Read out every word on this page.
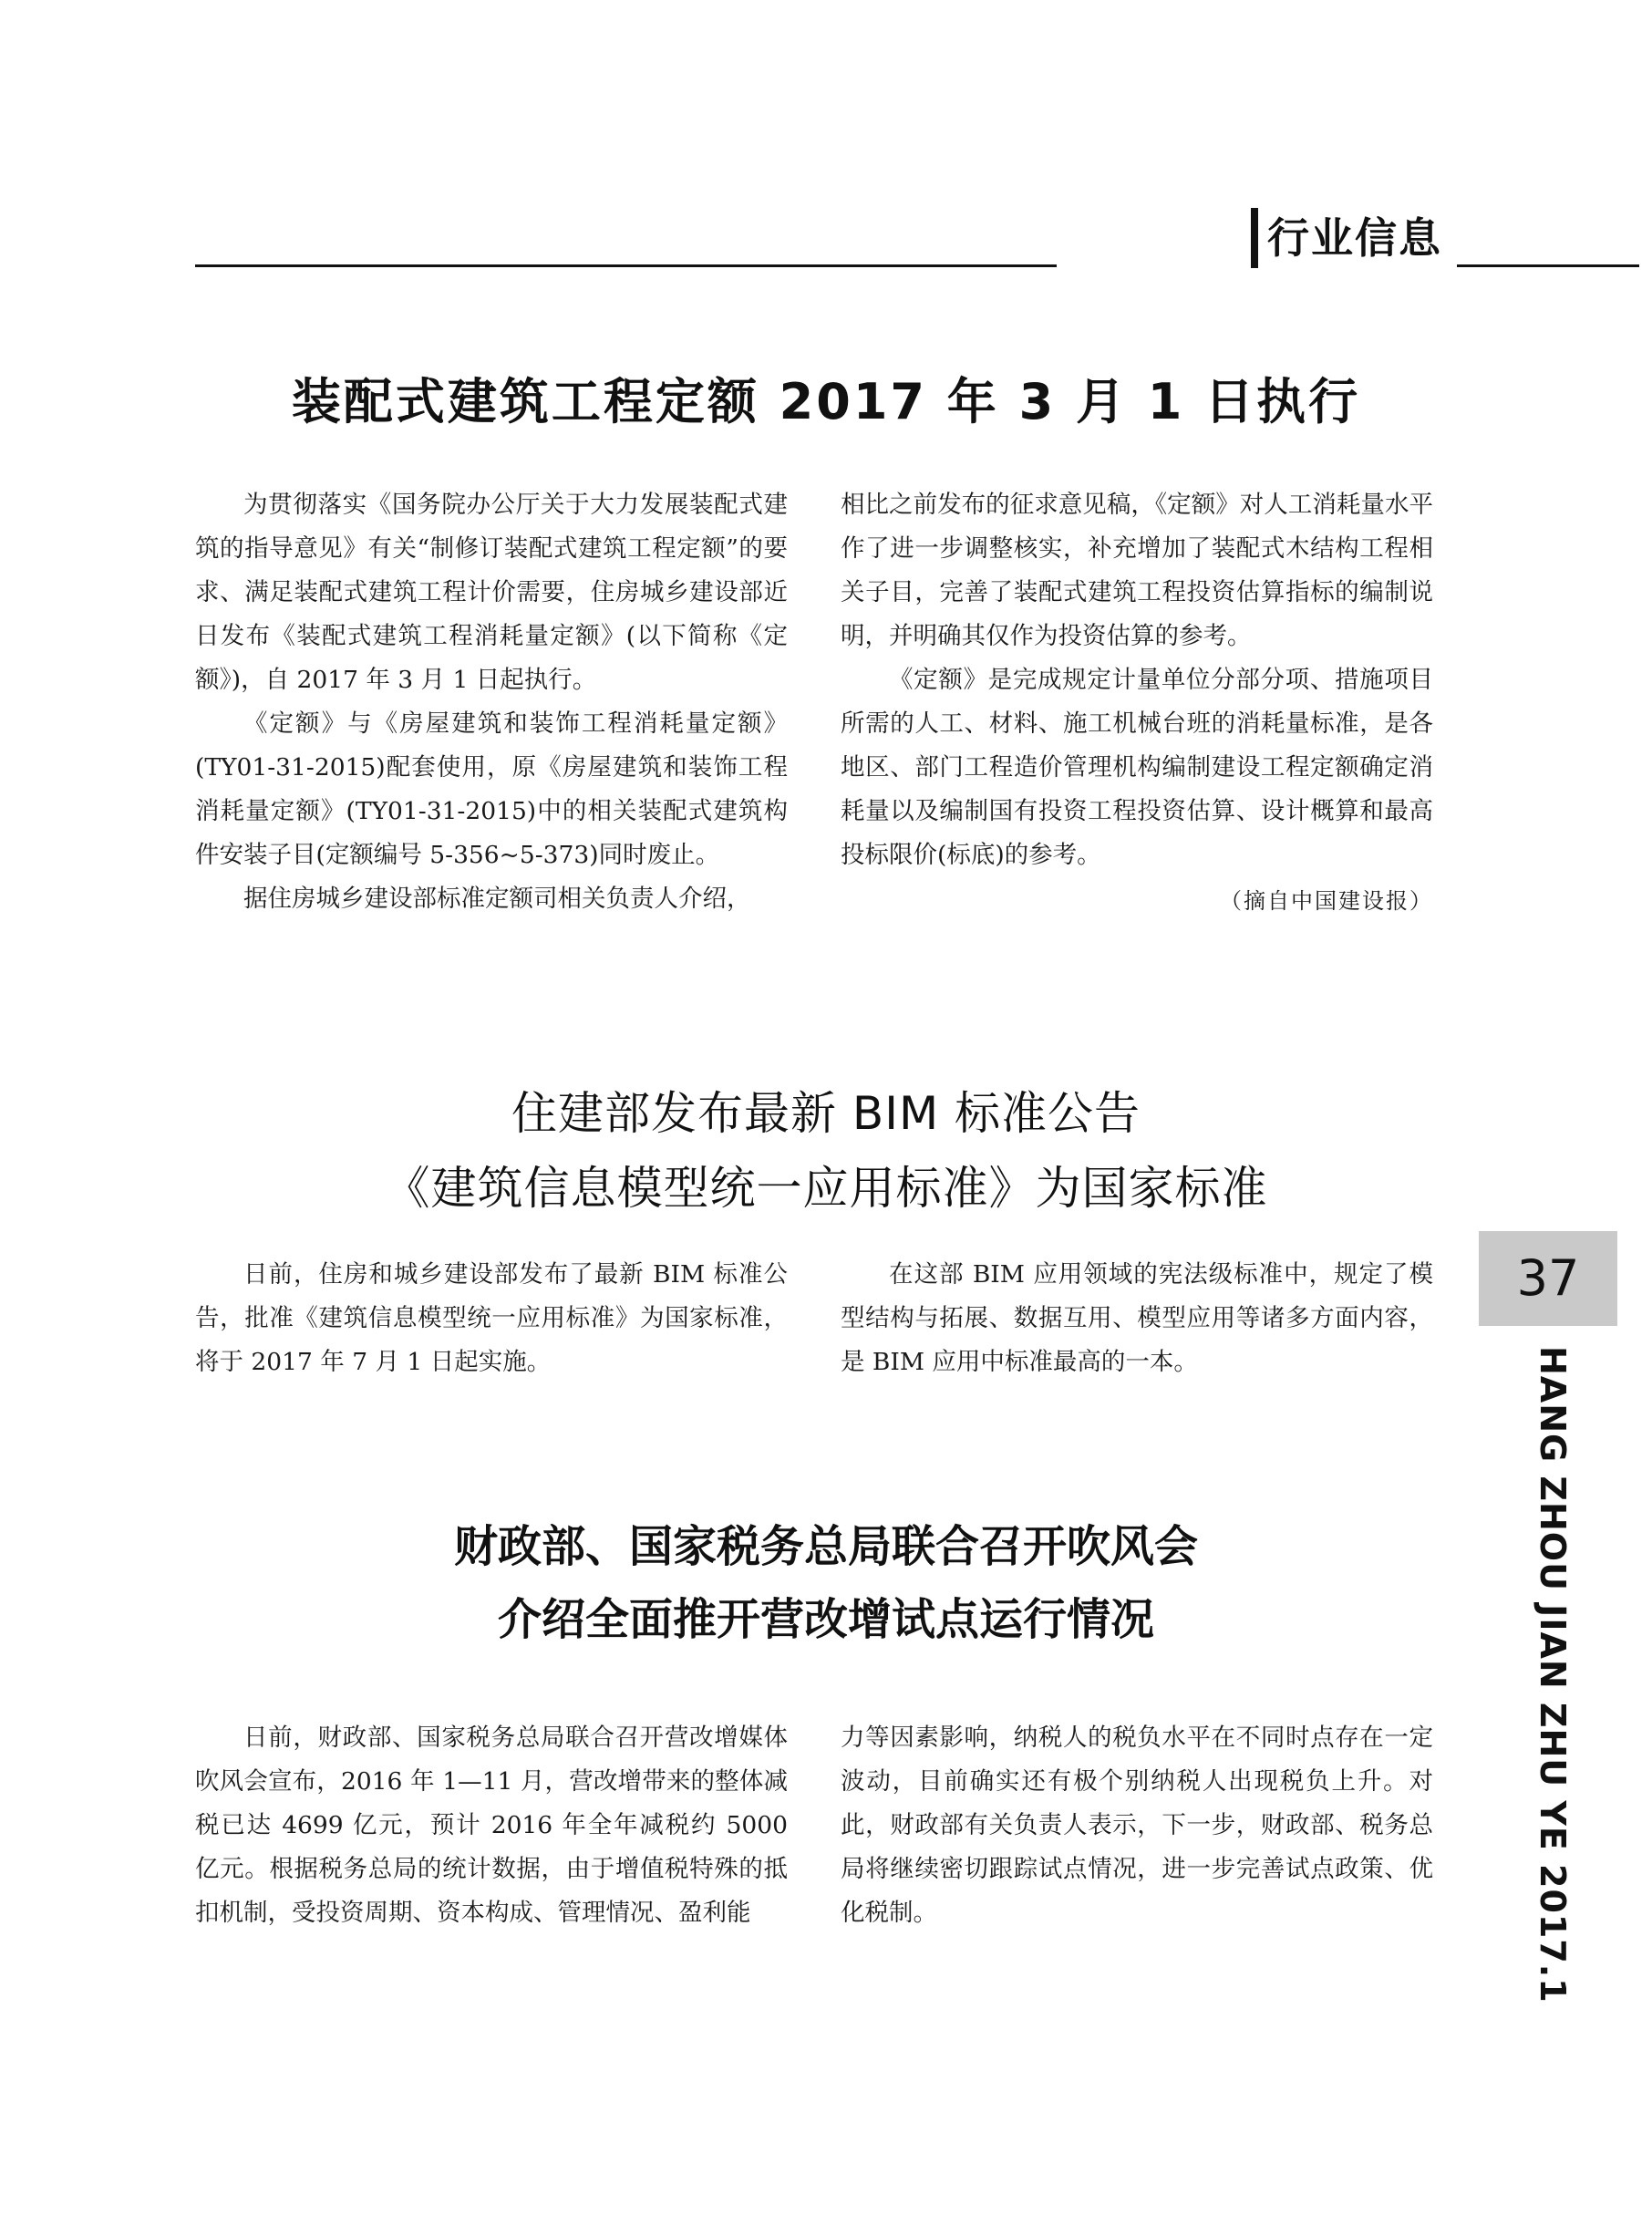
行业信息
装配式建筑工程定额 2017 年 3 月 1 日执行

为贯彻落实《国务院办公厅关于大力发展装配式建筑的指导意见》有关“制修订装配式建筑工程定额”的要求、满足装配式建筑工程计价需要，住房城乡建设部近日发布《装配式建筑工程消耗量定额》(以下简称《定额》)，自 2017 年 3 月 1 日起执行。

《定额》与《房屋建筑和装饰工程消耗量定额》(TY01-31-2015)配套使用，原《房屋建筑和装饰工程消耗量定额》(TY01-31-2015)中的相关装配式建筑构件安装子目(定额编号 5-356~5-373)同时废止。

据住房城乡建设部标准定额司相关负责人介绍，

相比之前发布的征求意见稿，《定额》对人工消耗量水平作了进一步调整核实，补充增加了装配式木结构工程相关子目，完善了装配式建筑工程投资估算指标的编制说明，并明确其仅作为投资估算的参考。

《定额》是完成规定计量单位分部分项、措施项目所需的人工、材料、施工机械台班的消耗量标准，是各地区、部门工程造价管理机构编制建设工程定额确定消耗量以及编制国有投资工程投资估算、设计概算和最高投标限价(标底)的参考。

（摘自中国建设报）

住建部发布最新 BIM 标准公告
《建筑信息模型统一应用标准》为国家标准

日前，住房和城乡建设部发布了最新 BIM 标准公告，批准《建筑信息模型统一应用标准》为国家标准，将于 2017 年 7 月 1 日起实施。

在这部 BIM 应用领域的宪法级标准中，规定了模型结构与拓展、数据互用、模型应用等诸多方面内容，是 BIM 应用中标准最高的一本。

财政部、国家税务总局联合召开吹风会
介绍全面推开营改增试点运行情况

日前，财政部、国家税务总局联合召开营改增媒体吹风会宣布，2016 年 1—11 月，营改增带来的整体减税已达 4699 亿元，预计 2016 年全年减税约 5000 亿元。根据税务总局的统计数据，由于增值税特殊的抵扣机制，受投资周期、资本构成、管理情况、盈利能

力等因素影响，纳税人的税负水平在不同时点存在一定波动，目前确实还有极个别纳税人出现税负上升。对此，财政部有关负责人表示，下一步，财政部、税务总局将继续密切跟踪试点情况，进一步完善试点政策、优化税制。

37
HANG ZHOU JIAN ZHU YE 2017.1
